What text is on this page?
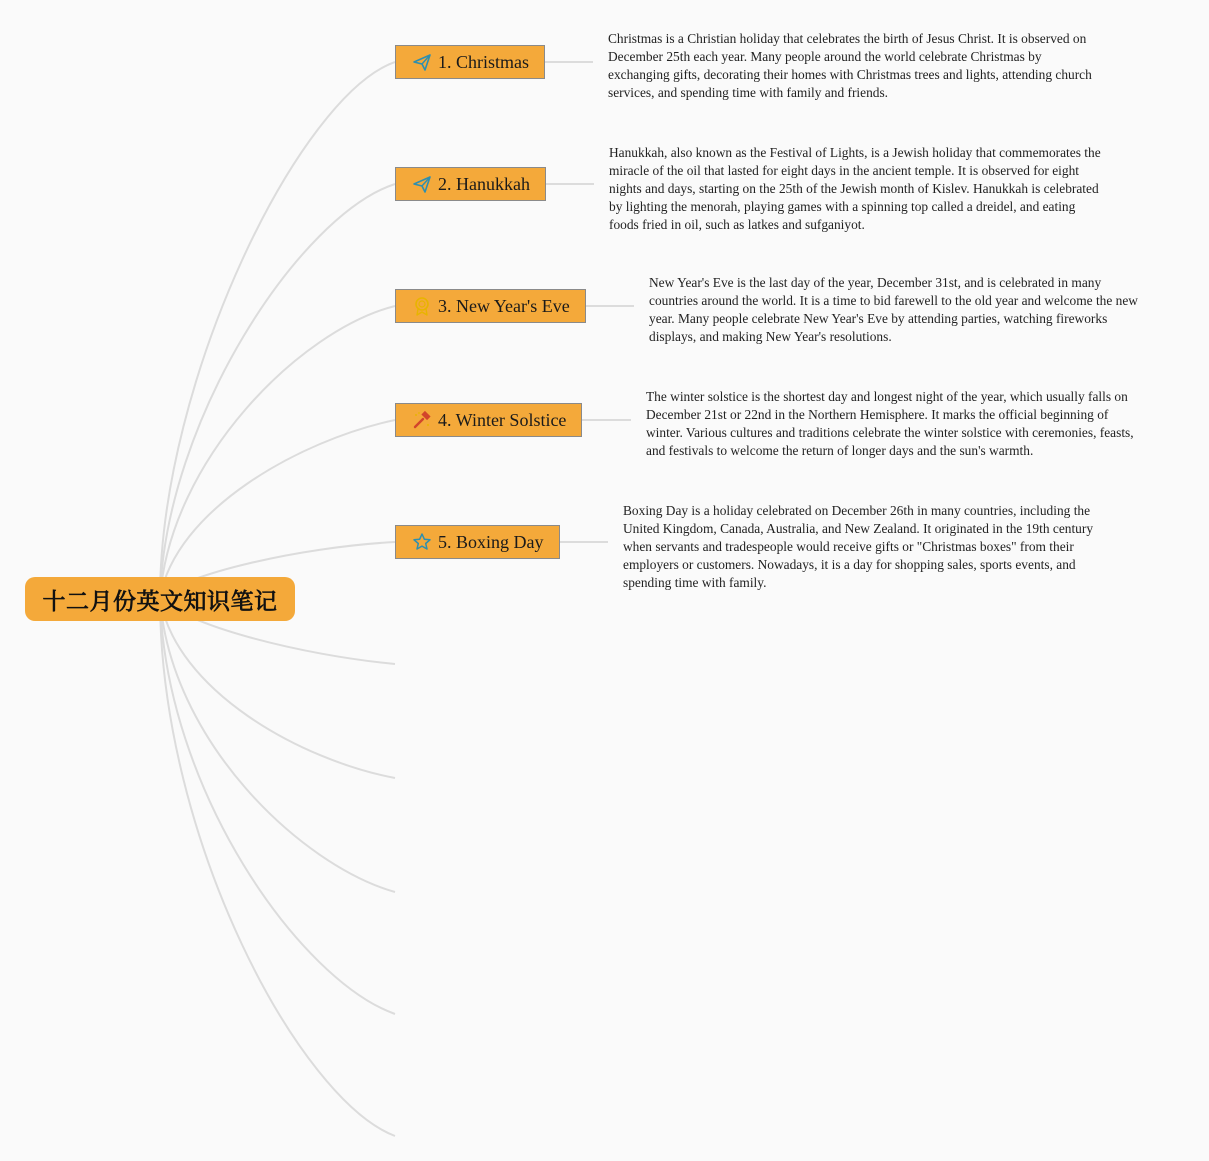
十二月份英文知识笔记
1. Christmas
Christmas is a Christian holiday that celebrates the birth of Jesus Christ. It is observed on December 25th each year. Many people around the world celebrate Christmas by exchanging gifts, decorating their homes with Christmas trees and lights, attending church services, and spending time with family and friends.
2. Hanukkah
Hanukkah, also known as the Festival of Lights, is a Jewish holiday that commemorates the miracle of the oil that lasted for eight days in the ancient temple. It is observed for eight nights and days, starting on the 25th of the Jewish month of Kislev. Hanukkah is celebrated by lighting the menorah, playing games with a spinning top called a dreidel, and eating foods fried in oil, such as latkes and sufganiyot.
3. New Year's Eve
New Year's Eve is the last day of the year, December 31st, and is celebrated in many countries around the world. It is a time to bid farewell to the old year and welcome the new year. Many people celebrate New Year's Eve by attending parties, watching fireworks displays, and making New Year's resolutions.
4. Winter Solstice
The winter solstice is the shortest day and longest night of the year, which usually falls on December 21st or 22nd in the Northern Hemisphere. It marks the official beginning of winter. Various cultures and traditions celebrate the winter solstice with ceremonies, feasts, and festivals to welcome the return of longer days and the sun's warmth.
5. Boxing Day
Boxing Day is a holiday celebrated on December 26th in many countries, including the United Kingdom, Canada, Australia, and New Zealand. It originated in the 19th century when servants and tradespeople would receive gifts or "Christmas boxes" from their employers or customers. Nowadays, it is a day for shopping sales, sports events, and spending time with family.
